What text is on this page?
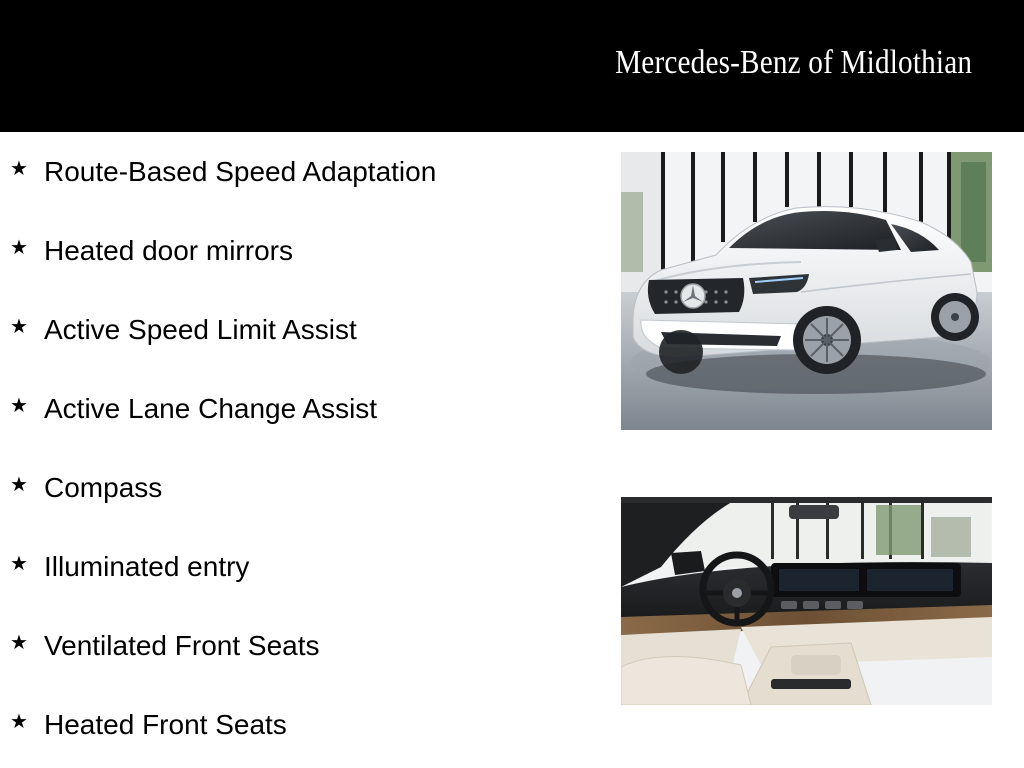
Mercedes-Benz of Midlothian
★ Route-Based Speed Adaptation
★ Heated door mirrors
★ Active Speed Limit Assist
★ Active Lane Change Assist
★ Compass
★ Illuminated entry
★ Ventilated Front Seats
★ Heated Front Seats
